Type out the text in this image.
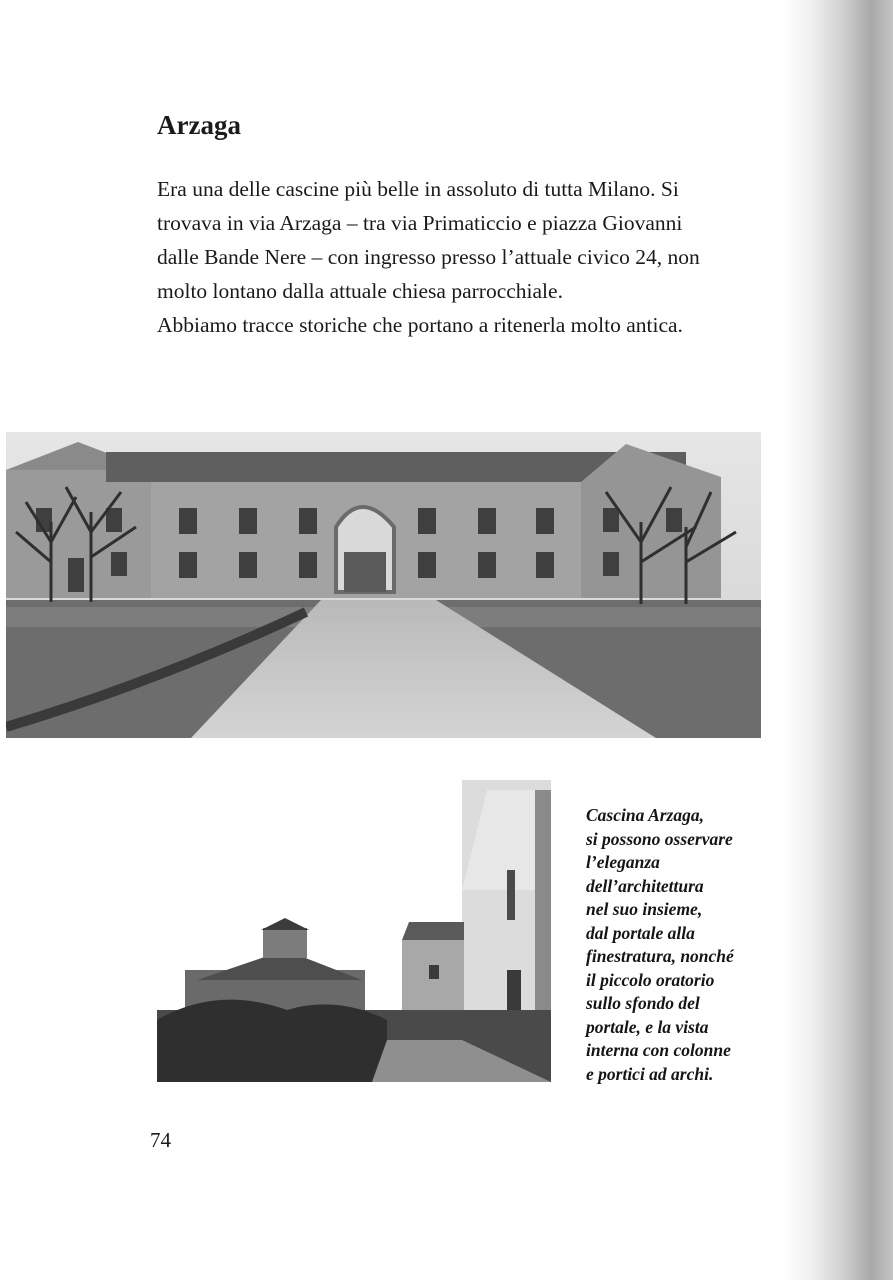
Arzaga
Era una delle cascine più belle in assoluto di tutta Milano. Si
trovava in via Arzaga – tra via Primaticcio e piazza Giovanni
dalle Bande Nere – con ingresso presso l’attuale civico 24, non
molto lontano dalla attuale chiesa parrocchiale.
Abbiamo tracce storiche che portano a ritenerla molto antica.
Cascina Arzaga,
si possono osservare
l’eleganza
dell’architettura
nel suo insieme,
dal portale alla
finestratura, nonché
il piccolo oratorio
sullo sfondo del
portale, e la vista
interna con colonne
e portici ad archi.

74
